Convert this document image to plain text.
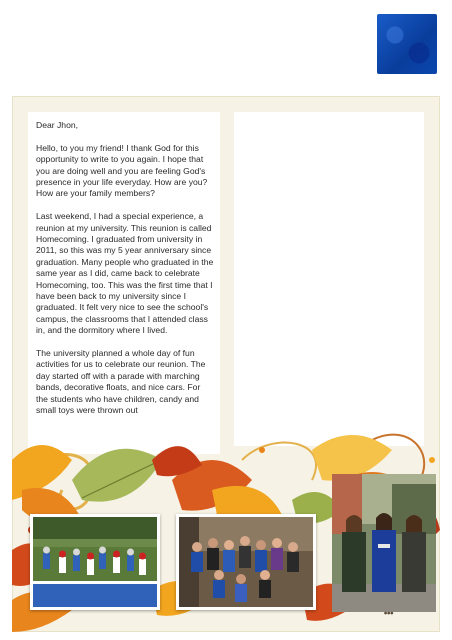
Dear Jhon,

Hello, to you my friend! I thank God for this opportunity to write to you again. I hope that you are doing well and you are feeling God's presence in your life everyday. How are you? How are your family members?

Last weekend, I had a special experience, a reunion at my university. This reunion is called Homecoming. I graduated from university in 2011, so this was my 5 year anniversary since graduation. Many people who graduated in the same year as I did, came back to celebrate Homecoming, too. This was the first time that I have been back to my university since I graduated. It felt very nice to see the school's campus, the classrooms that I attended class in, and the dormitory where I lived.

The university planned a whole day of fun activities for us to celebrate our reunion. The day started off with a parade with marching bands, decorative floats, and nice cars. For the students who have children, candy and small toys were thrown out

●●●
